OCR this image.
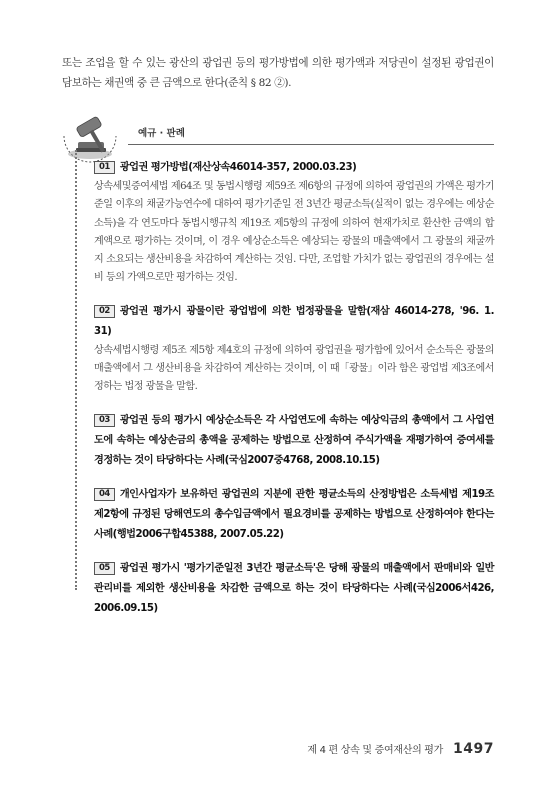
또는 조업을 할 수 있는 광산의 광업권 등의 평가방법에 의한 평가액과 저당권이 설정된 광업권이 담보하는 채권액 중 큰 금액으로 한다(준칙 § 82 ②).
예규 · 판례
01 광업권 평가방법(재산상속46014-357, 2000.03.23)
상속세및증여세법 제64조 및 동법시행령 제59조 제6항의 규정에 의하여 광업권의 가액은 평가기준일 이후의 채굴가능연수에 대하여 평가기준일 전 3년간 평균소득(실적이 없는 경우에는 예상순소득)을 각 연도마다 동법시행규칙 제19조 제5항의 규정에 의하여 현재가치로 환산한 금액의 합계액으로 평가하는 것이며, 이 경우 예상순소득은 예상되는 광물의 매출액에서 그 광물의 채굴까지 소요되는 생산비용을 차감하여 계산하는 것임. 다만, 조업할 가치가 없는 광업권의 경우에는 설비 등의 가액으로만 평가하는 것임.
02 광업권 평가시 광물이란 광업법에 의한 법정광물을 말함(재삼 46014-278, '96. 1. 31)
상속세법시행령 제5조 제5항 제4호의 규정에 의하여 광업권을 평가함에 있어서 순소득은 광물의 매출액에서 그 생산비용을 차감하여 계산하는 것이며, 이 때「광물」이라 함은 광업법 제3조에서 정하는 법정 광물을 말함.
03 광업권 등의 평가시 예상순소득은 각 사업연도에 속하는 예상익금의 총액에서 그 사업연도에 속하는 예상손금의 총액을 공제하는 방법으로 산정하여 주식가액을 재평가하여 증여세를 경정하는 것이 타당하다는 사례(국심2007중4768, 2008.10.15)
04 개인사업자가 보유하던 광업권의 지분에 관한 평균소득의 산정방법은 소득세법 제19조 제2항에 규정된 당해연도의 총수입금액에서 필요경비를 공제하는 방법으로 산정하여야 한다는 사례(행법2006구합45388, 2007.05.22)
05 광업권 평가시 '평가기준일전 3년간 평균소득'은 당해 광물의 매출액에서 판매비와 일반관리비를 제외한 생산비용을 차감한 금액으로 하는 것이 타당하다는 사례(국심2006서426, 2006.09.15)
제 4 편 상속 및 증여재산의 평가 1497
